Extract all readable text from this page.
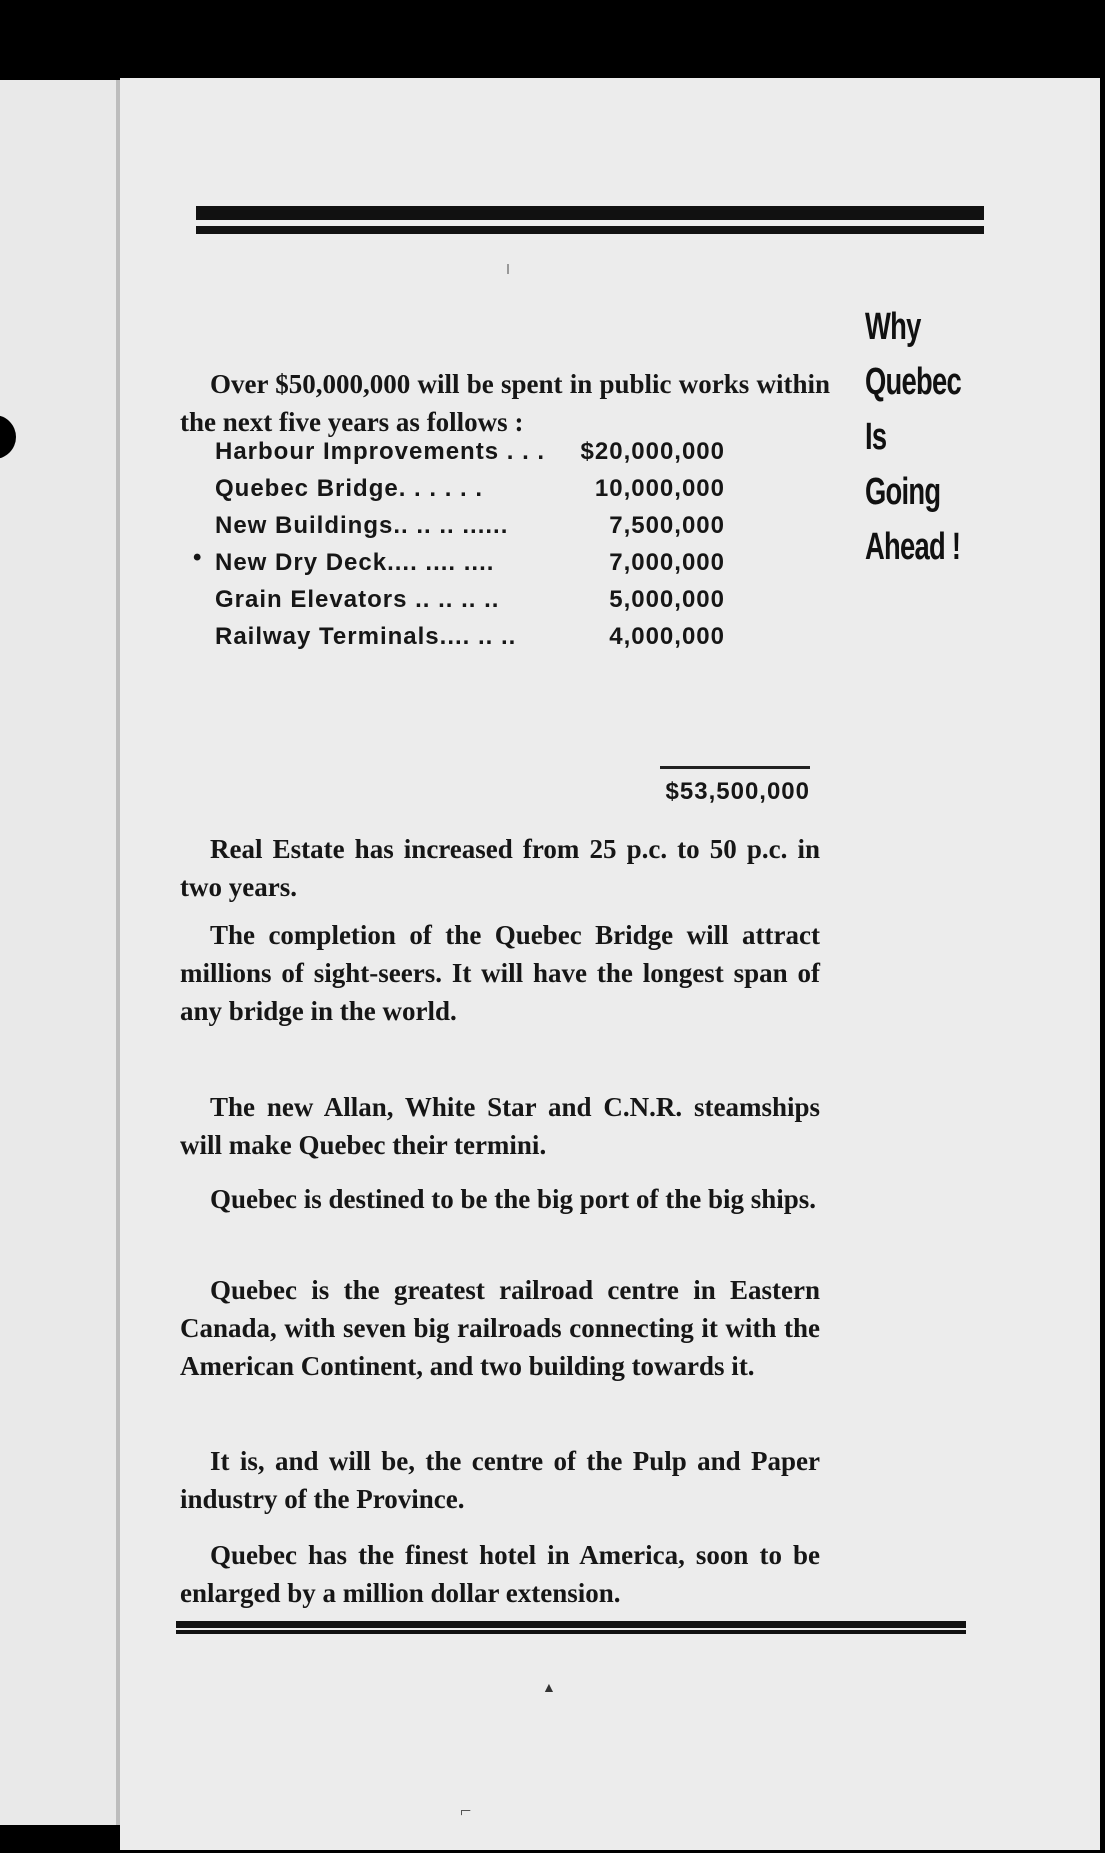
Over $50,000,000 will be spent in public works within the next five years as follows :

Harbour Improvements . . .	$20,000,000
Quebec Bridge. . . . . .	10,000,000
New Buildings.. .. .. ......	7,500,000
• New Dry Deck.... .... ....	7,000,000
Grain Elevators .. .. .. ..	5,000,000
Railway Terminals.... .. ..	4,000,000
$53,500,000

Real Estate has increased from 25 p.c. to 50 p.c. in two years.

The completion of the Quebec Bridge will attract millions of sight-seers. It will have the longest span of any bridge in the world.

The new Allan, White Star and C.N.R. steamships will make Quebec their termini.

Quebec is destined to be the big port of the big ships.

Quebec is the greatest railroad centre in Eastern Canada, with seven big railroads connecting it with the American Continent, and two building towards it.

It is, and will be, the centre of the Pulp and Paper industry of the Province.

Quebec has the finest hotel in America, soon to be enlarged by a million dollar extension.

Why
Quebec
Is
Going
Ahead !
▲
⌐
